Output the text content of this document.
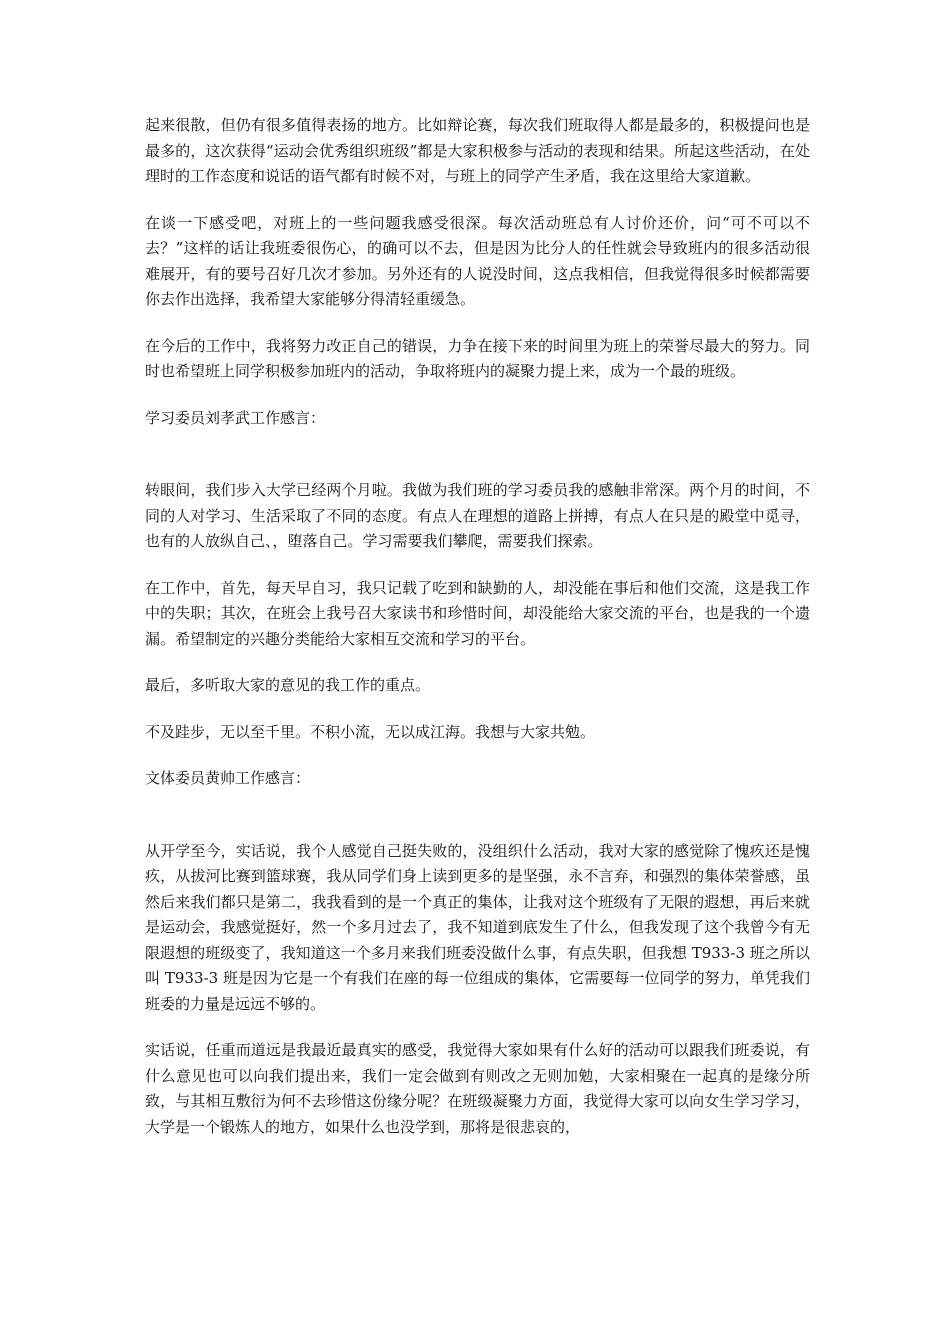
起来很散，但仍有很多值得表扬的地方。比如辩论赛，每次我们班取得人都是最多的，积极提问也是最多的，这次获得“运动会优秀组织班级”都是大家积极参与活动的表现和结果。所起这些活动，在处理时的工作态度和说话的语气都有时候不对，与班上的同学产生矛盾，我在这里给大家道歉。

在谈一下感受吧，对班上的一些问题我感受很深。每次活动班总有人讨价还价，问“可不可以不去？”这样的话让我班委很伤心，的确可以不去，但是因为比分人的任性就会导致班内的很多活动很难展开，有的要号召好几次才参加。另外还有的人说没时间，这点我相信，但我觉得很多时候都需要你去作出选择，我希望大家能够分得清轻重缓急。

在今后的工作中，我将努力改正自己的错误，力争在接下来的时间里为班上的荣誉尽最大的努力。同时也希望班上同学积极参加班内的活动，争取将班内的凝聚力提上来，成为一个最的班级。

学习委员刘孝武工作感言：

转眼间，我们步入大学已经两个月啦。我做为我们班的学习委员我的感触非常深。两个月的时间，不同的人对学习、生活采取了不同的态度。有点人在理想的道路上拼搏，有点人在只是的殿堂中觅寻，也有的人放纵自己、，堕落自己。学习需要我们攀爬，需要我们探索。

在工作中，首先，每天早自习，我只记载了吃到和缺勤的人，却没能在事后和他们交流，这是我工作中的失职；其次，在班会上我号召大家读书和珍惜时间，却没能给大家交流的平台，也是我的一个遗漏。希望制定的兴趣分类能给大家相互交流和学习的平台。

最后，多听取大家的意见的我工作的重点。

不及跬步，无以至千里。不积小流，无以成江海。我想与大家共勉。

文体委员黄帅工作感言：

从开学至今，实话说，我个人感觉自己挺失败的，没组织什么活动，我对大家的感觉除了愧疚还是愧疚，从拔河比赛到篮球赛，我从同学们身上读到更多的是坚强，永不言弃，和强烈的集体荣誉感，虽然后来我们都只是第二，我我看到的是一个真正的集体，让我对这个班级有了无限的遐想，再后来就是运动会，我感觉挺好，然一个多月过去了，我不知道到底发生了什么，但我发现了这个我曾今有无限遐想的班级变了，我知道这一个多月来我们班委没做什么事，有点失职，但我想 T933-3 班之所以叫 T933-3 班是因为它是一个有我们在座的每一位组成的集体，它需要每一位同学的努力，单凭我们班委的力量是远远不够的。

实话说，任重而道远是我最近最真实的感受，我觉得大家如果有什么好的活动可以跟我们班委说，有什么意见也可以向我们提出来，我们一定会做到有则改之无则加勉，大家相聚在一起真的是缘分所致，与其相互敷衍为何不去珍惜这份缘分呢？在班级凝聚力方面，我觉得大家可以向女生学习学习，大学是一个锻炼人的地方，如果什么也没学到，那将是很悲哀的，
